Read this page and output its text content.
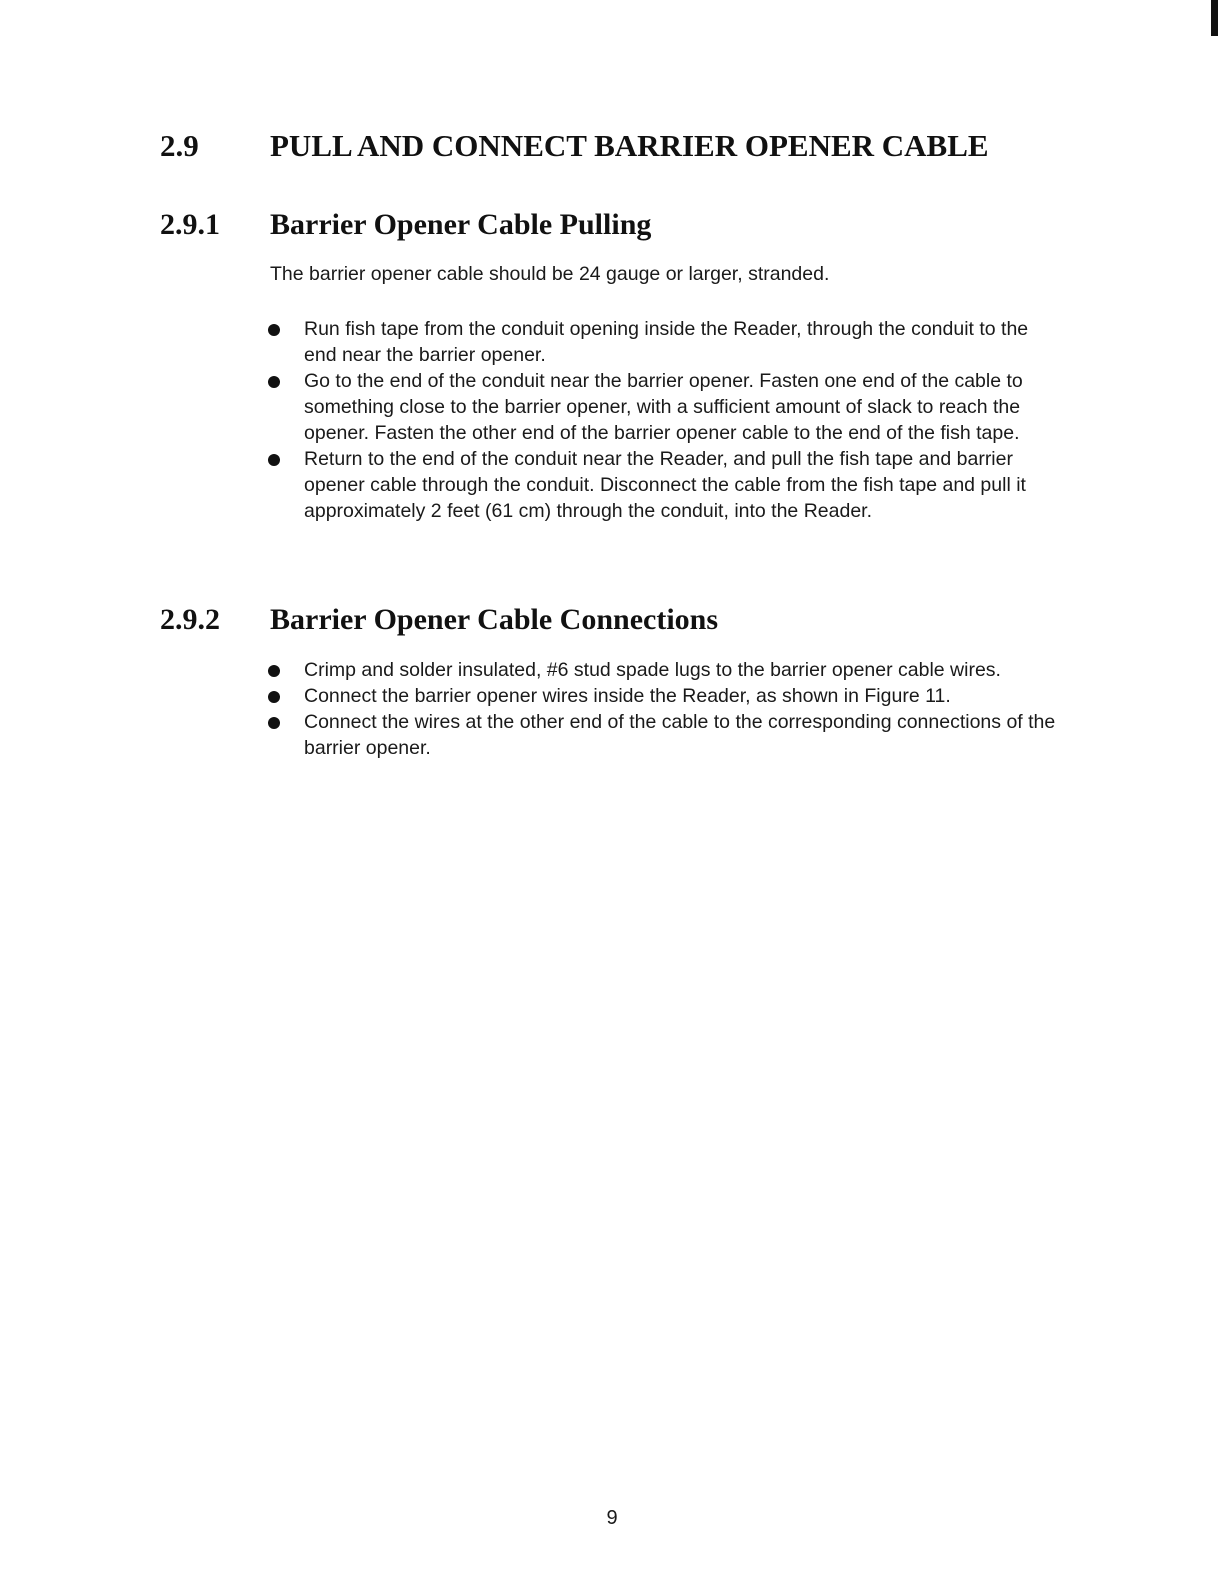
2.9 PULL AND CONNECT BARRIER OPENER CABLE
2.9.1 Barrier Opener Cable Pulling
The barrier opener cable should be 24 gauge or larger, stranded.
Run fish tape from the conduit opening inside the Reader, through the conduit to the end near the barrier opener.
Go to the end of the conduit near the barrier opener. Fasten one end of the cable to something close to the barrier opener, with a sufficient amount of slack to reach the opener. Fasten the other end of the barrier opener cable to the end of the fish tape.
Return to the end of the conduit near the Reader, and pull the fish tape and barrier opener cable through the conduit. Disconnect the cable from the fish tape and pull it approximately 2 feet (61 cm) through the conduit, into the Reader.
2.9.2 Barrier Opener Cable Connections
Crimp and solder insulated, #6 stud spade lugs to the barrier opener cable wires.
Connect the barrier opener wires inside the Reader, as shown in Figure 11.
Connect the wires at the other end of the cable to the corresponding connections of the barrier opener.
9
